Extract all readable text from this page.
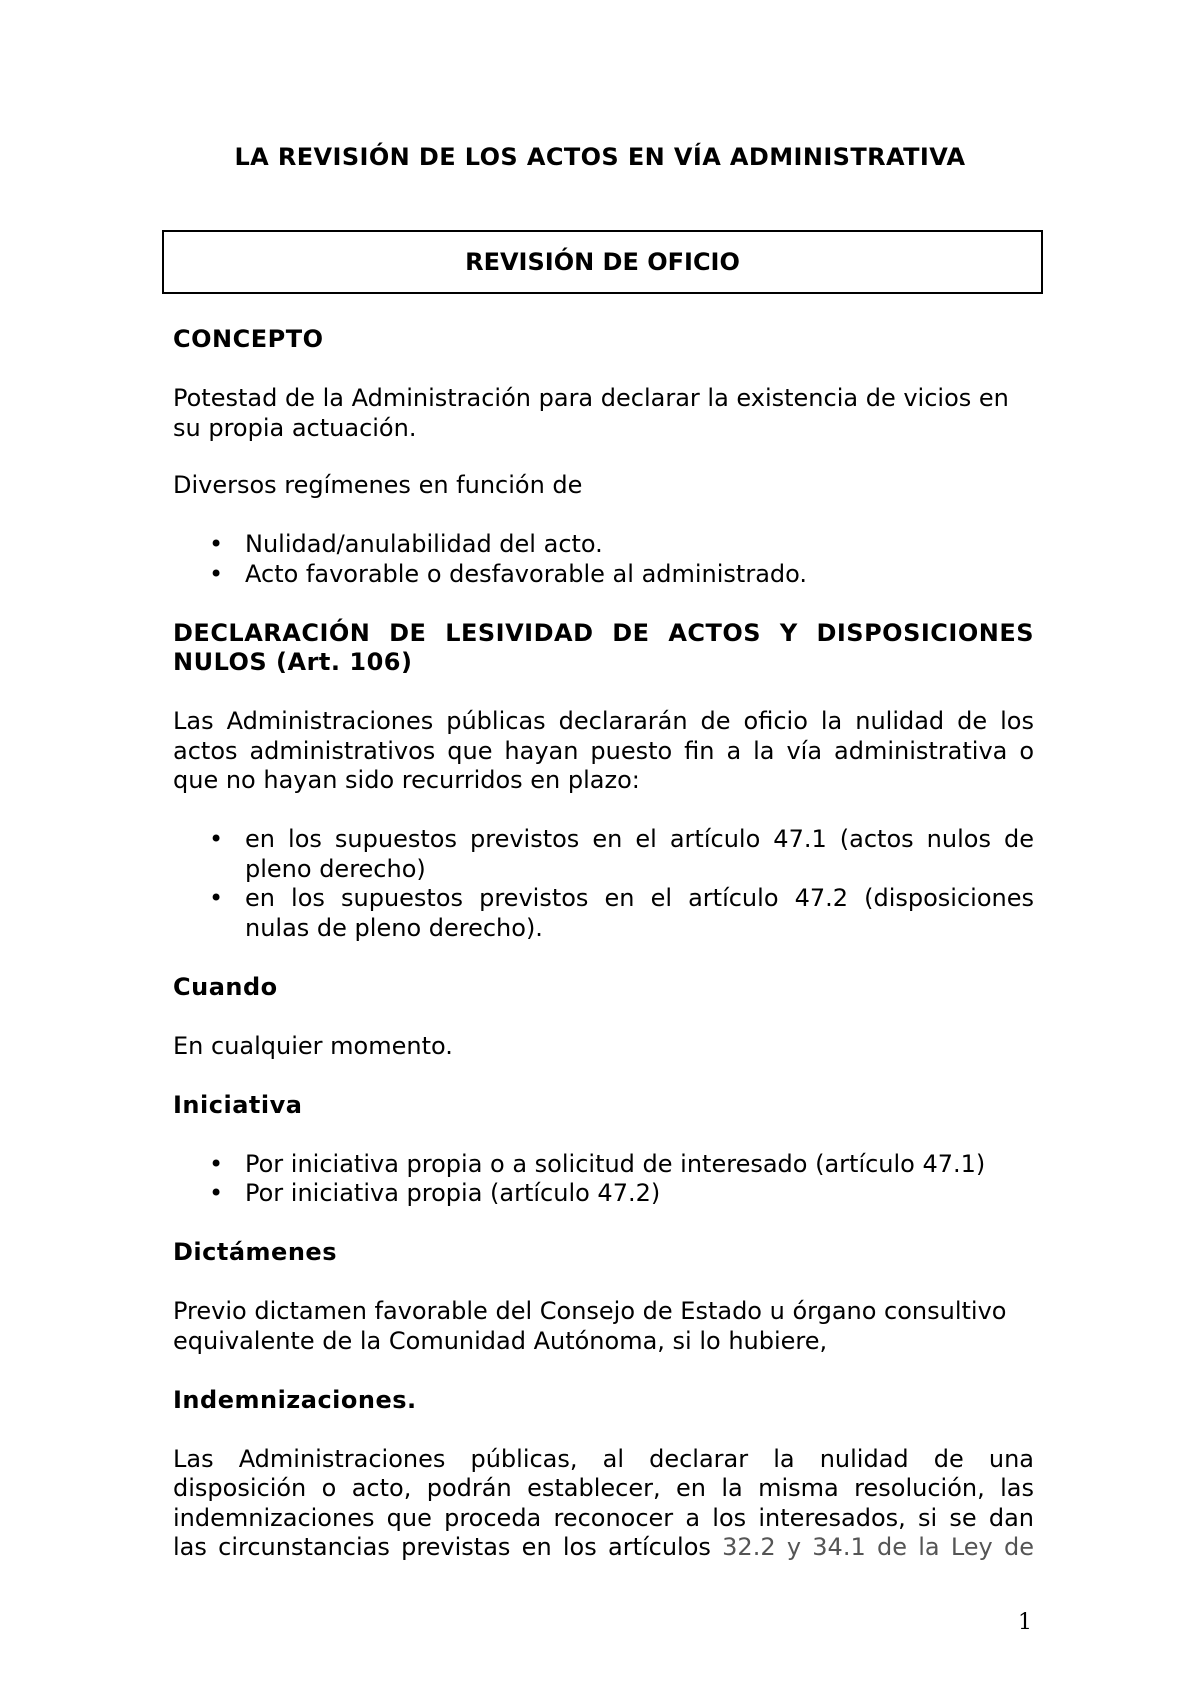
LA REVISIÓN DE LOS ACTOS EN VÍA ADMINISTRATIVA
REVISIÓN DE OFICIO

CONCEPTO

Potestad de la Administración para declarar la existencia de vicios en su propia actuación.

Diversos regímenes en función de

• Nulidad/anulabilidad del acto.
• Acto favorable o desfavorable al administrado.

DECLARACIÓN DE LESIVIDAD DE ACTOS Y DISPOSICIONES NULOS (Art. 106)

Las Administraciones públicas declararán de oficio la nulidad de los actos administrativos que hayan puesto fin a la vía administrativa o que no hayan sido recurridos en plazo:

• en los supuestos previstos en el artículo 47.1 (actos nulos de pleno derecho)
• en los supuestos previstos en el artículo 47.2 (disposiciones nulas de pleno derecho).

Cuando

En cualquier momento.

Iniciativa

• Por iniciativa propia o a solicitud de interesado (artículo 47.1)
• Por iniciativa propia (artículo 47.2)

Dictámenes

Previo dictamen favorable del Consejo de Estado u órgano consultivo equivalente de la Comunidad Autónoma, si lo hubiere,

Indemnizaciones.

Las Administraciones públicas, al declarar la nulidad de una disposición o acto, podrán establecer, en la misma resolución, las indemnizaciones que proceda reconocer a los interesados, si se dan las circunstancias previstas en los artículos 32.2 y 34.1 de la Ley de

1
